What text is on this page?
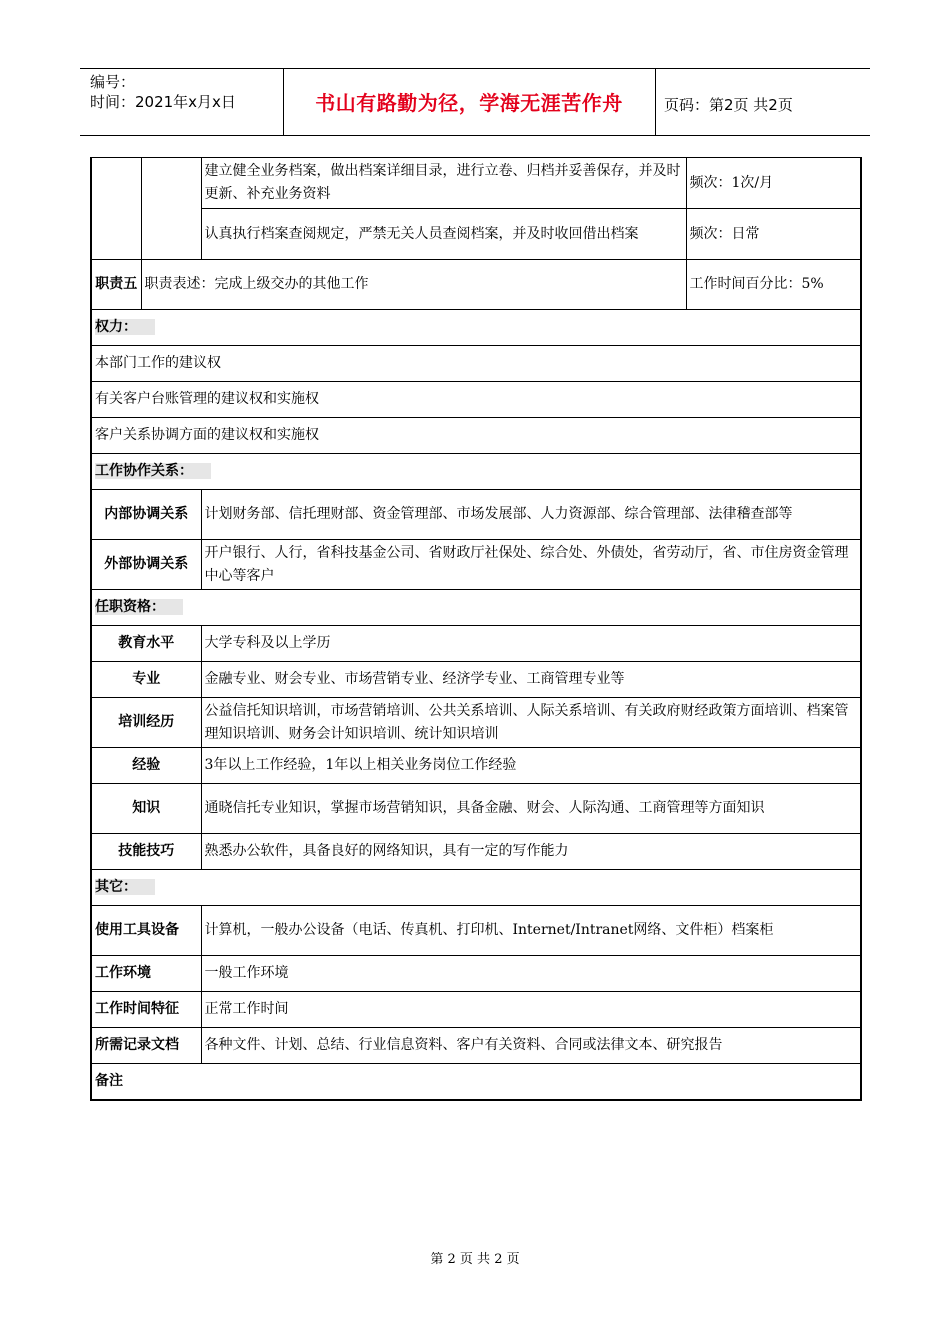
编号：
时间：2021年x月x日	书山有路勤为径，学海无涯苦作舟	页码：第2页 共2页
		建立健全业务档案，做出档案详细目录，进行立卷、归档并妥善保存，并及时更新、补充业务资料	频次：1次/月
		认真执行档案查阅规定，严禁无关人员查阅档案，并及时收回借出档案	频次：日常
职责五	职责表述：完成上级交办的其他工作		工作时间百分比：5%
权力：			
本部门工作的建议权			
有关客户台账管理的建议权和实施权			
客户关系协调方面的建议权和实施权			
工作协作关系：			
内部协调关系		计划财务部、信托理财部、资金管理部、市场发展部、人力资源部、综合管理部、法律稽查部等	
外部协调关系		开户银行、人行，省科技基金公司、省财政厅社保处、综合处、外债处，省劳动厅，省、市住房资金管理中心等客户	
任职资格：			
教育水平		大学专科及以上学历	
专业		金融专业、财会专业、市场营销专业、经济学专业、工商管理专业等	
培训经历		公益信托知识培训，市场营销培训、公共关系培训、人际关系培训、有关政府财经政策方面培训、档案管理知识培训、财务会计知识培训、统计知识培训	
经验		3年以上工作经验，1年以上相关业务岗位工作经验	
知识		通晓信托专业知识，掌握市场营销知识，具备金融、财会、人际沟通、工商管理等方面知识	
技能技巧		熟悉办公软件，具备良好的网络知识，具有一定的写作能力	
其它：			
使用工具设备		计算机，一般办公设备（电话、传真机、打印机、Internet/Intranet网络、文件柜）档案柜	
工作环境		一般工作环境	
工作时间特征		正常工作时间	
所需记录文档		各种文件、计划、总结、行业信息资料、客户有关资料、合同或法律文本、研究报告	
备注			
第 2 页 共 2 页
